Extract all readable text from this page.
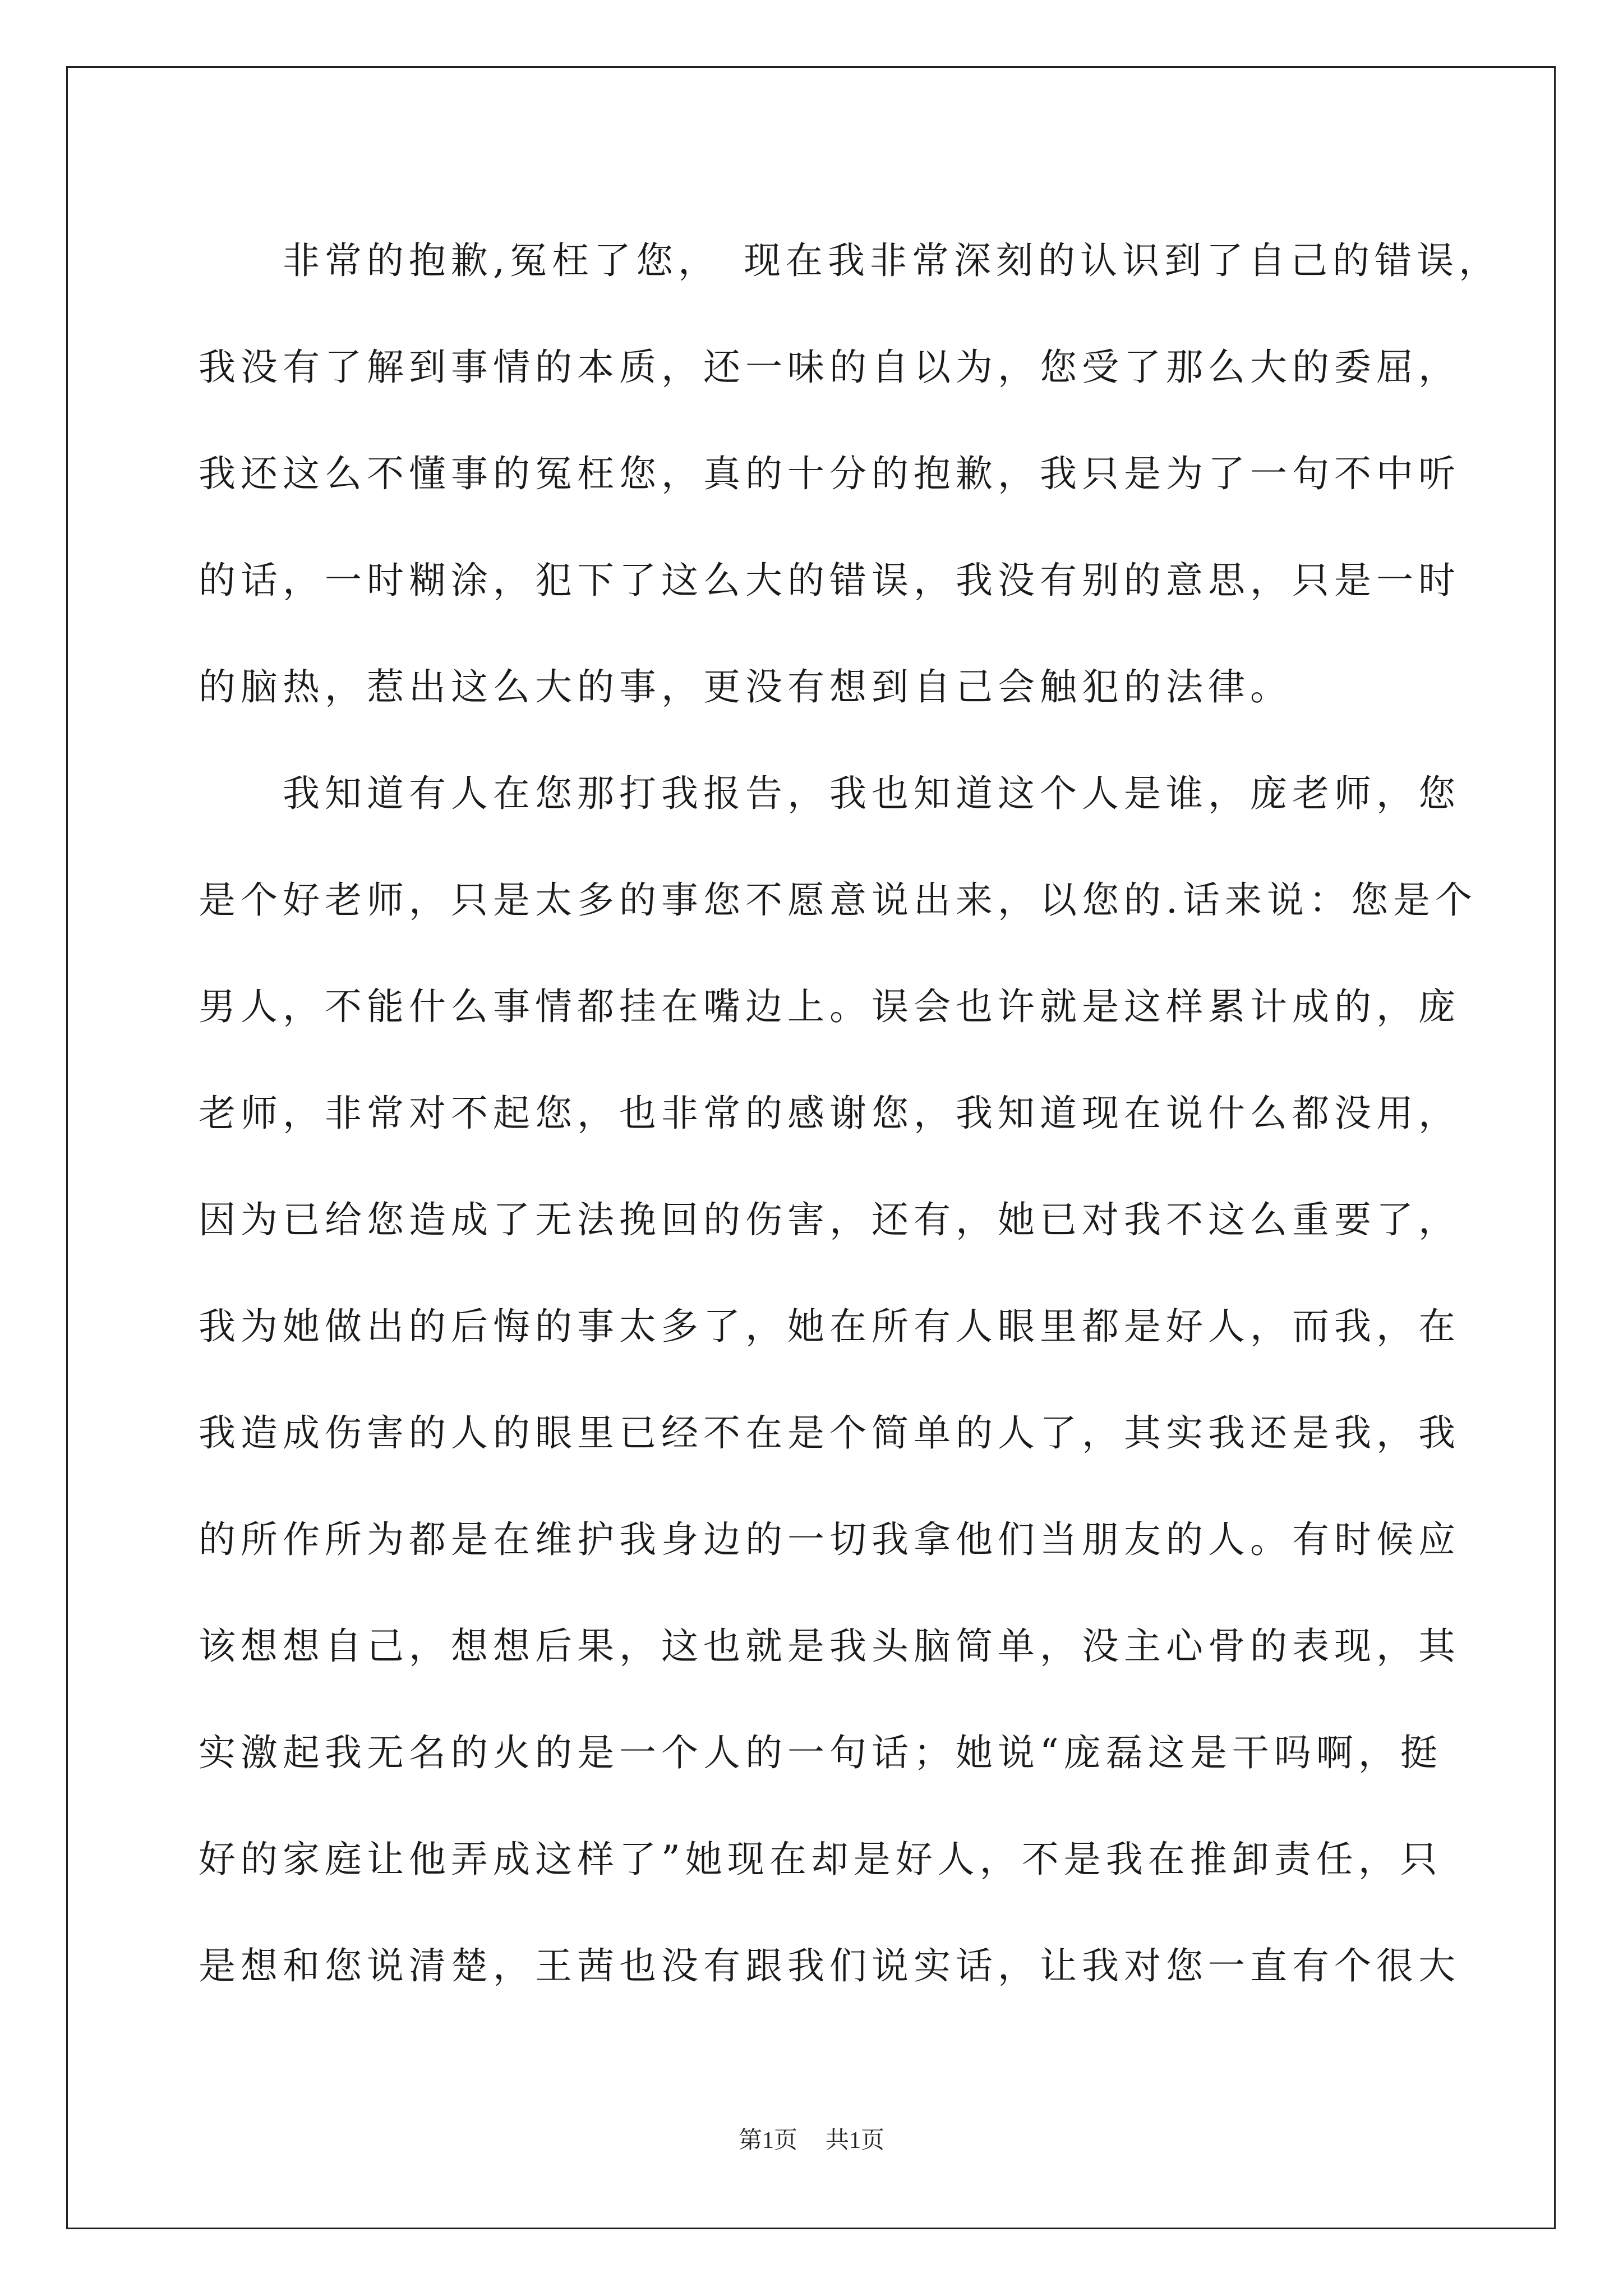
　　非常的抱歉,冤枉了您，　现在我非常深刻的认识到了自己的错误，
我没有了解到事情的本质，还一味的自以为，您受了那么大的委屈，
我还这么不懂事的冤枉您，真的十分的抱歉，我只是为了一句不中听
的话，一时糊涂，犯下了这么大的错误，我没有别的意思，只是一时
的脑热，惹出这么大的事，更没有想到自己会触犯的法律。
　　我知道有人在您那打我报告，我也知道这个人是谁，庞老师，您
是个好老师，只是太多的事您不愿意说出来，以您的.话来说：您是个
男人，不能什么事情都挂在嘴边上。误会也许就是这样累计成的，庞
老师，非常对不起您，也非常的感谢您，我知道现在说什么都没用，
因为已给您造成了无法挽回的伤害，还有，她已对我不这么重要了，
我为她做出的后悔的事太多了，她在所有人眼里都是好人，而我，在
我造成伤害的人的眼里已经不在是个简单的人了，其实我还是我，我
的所作所为都是在维护我身边的一切我拿他们当朋友的人。有时候应
该想想自己，想想后果，这也就是我头脑简单，没主心骨的表现，其
实激起我无名的火的是一个人的一句话；她说“庞磊这是干吗啊，挺
好的家庭让他弄成这样了”她现在却是好人，不是我在推卸责任，只
是想和您说清楚，王茜也没有跟我们说实话，让我对您一直有个很大
第1页 共1页
